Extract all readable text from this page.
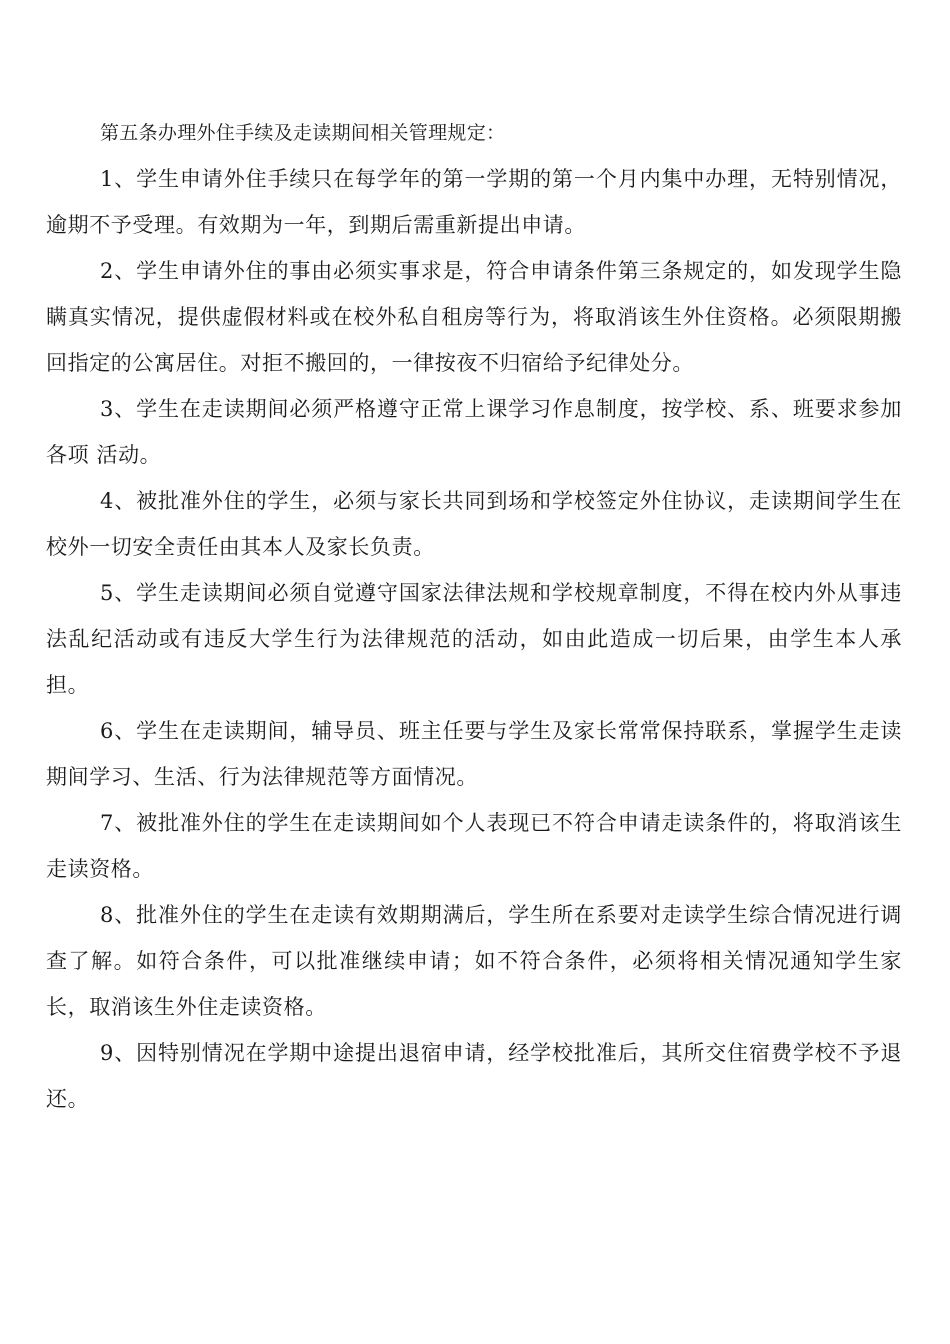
第五条办理外住手续及走读期间相关管理规定：

1、学生申请外住手续只在每学年的第一学期的第一个月内集中办理，无特别情况，逾期不予受理。有效期为一年，到期后需重新提出申请。

2、学生申请外住的事由必须实事求是，符合申请条件第三条规定的，如发现学生隐瞒真实情况，提供虚假材料或在校外私自租房等行为，将取消该生外住资格。必须限期搬回指定的公寓居住。对拒不搬回的，一律按夜不归宿给予纪律处分。

3、学生在走读期间必须严格遵守正常上课学习作息制度，按学校、系、班要求参加各项 活动。

4、被批准外住的学生，必须与家长共同到场和学校签定外住协议，走读期间学生在校外一切安全责任由其本人及家长负责。

5、学生走读期间必须自觉遵守国家法律法规和学校规章制度，不得在校内外从事违法乱纪活动或有违反大学生行为法律规范的活动，如由此造成一切后果，由学生本人承担。

6、学生在走读期间，辅导员、班主任要与学生及家长常常保持联系，掌握学生走读期间学习、生活、行为法律规范等方面情况。

7、被批准外住的学生在走读期间如个人表现已不符合申请走读条件的，将取消该生走读资格。

8、批准外住的学生在走读有效期期满后，学生所在系要对走读学生综合情况进行调查了解。如符合条件，可以批准继续申请；如不符合条件，必须将相关情况通知学生家长，取消该生外住走读资格。

9、因特别情况在学期中途提出退宿申请，经学校批准后，其所交住宿费学校不予退还。
